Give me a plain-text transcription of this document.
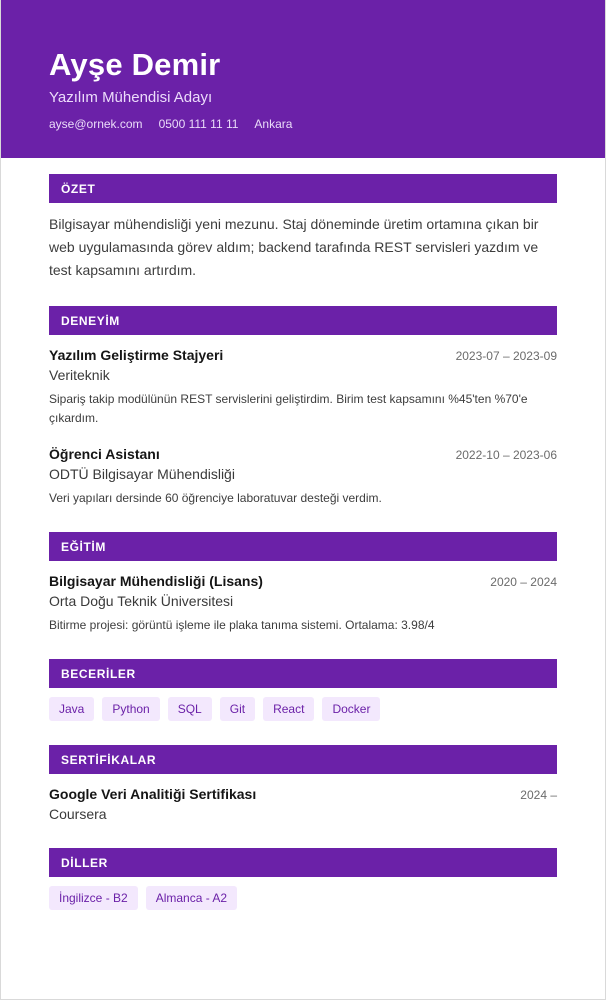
Ayşe Demir
Yazılım Mühendisi Adayı
ayse@ornek.com 0500 111 11 11 Ankara
ÖZET

Bilgisayar mühendisliği yeni mezunu. Staj döneminde üretim ortamına çıkan bir web uygulamasında görev aldım; backend tarafında REST servisleri yazdım ve test kapsamını artırdım.

DENEYİM
Yazılım Geliştirme Stajyeri	2023-07 – 2023-09
Veriteknik
Sipariş takip modülünün REST servislerini geliştirdim. Birim test kapsamını %45'ten %70'e çıkardım.
Öğrenci Asistanı	2022-10 – 2023-06
ODTÜ Bilgisayar Mühendisliği
Veri yapıları dersinde 60 öğrenciye laboratuvar desteği verdim.
EĞİTİM
Bilgisayar Mühendisliği (Lisans)	2020 – 2024
Orta Doğu Teknik Üniversitesi
Bitirme projesi: görüntü işleme ile plaka tanıma sistemi. Ortalama: 3.98/4
BECERİLER
Java	Python	SQL	Git	React	Docker
SERTİFİKALAR
Google Veri Analitiği Sertifikası	2024 –
Coursera
DİLLER
İngilizce - B2	Almanca - A2
